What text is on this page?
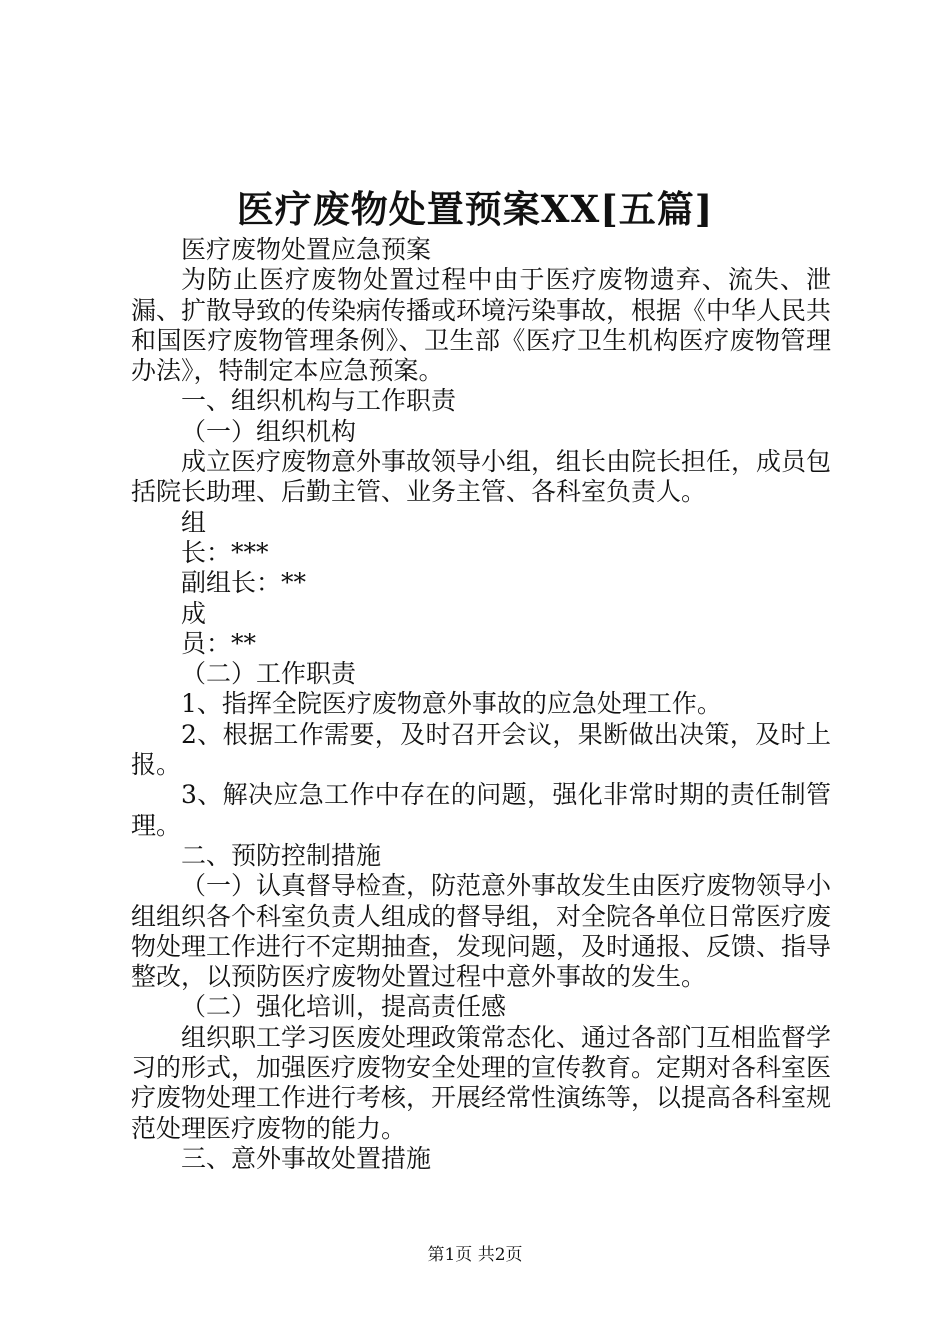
医疗废物处置预案XX[五篇]

医疗废物处置应急预案

为防止医疗废物处置过程中由于医疗废物遗弃、流失、泄漏、扩散导致的传染病传播或环境污染事故，根据《中华人民共和国医疗废物管理条例》、卫生部《医疗卫生机构医疗废物管理办法》，特制定本应急预案。

一、组织机构与工作职责

（一）组织机构

成立医疗废物意外事故领导小组，组长由院长担任，成员包括院长助理、后勤主管、业务主管、各科室负责人。

组

长：***

副组长：**

成

员：**

（二）工作职责

1、指挥全院医疗废物意外事故的应急处理工作。

2、根据工作需要，及时召开会议，果断做出决策，及时上报。

3、解决应急工作中存在的问题，强化非常时期的责任制管理。

二、预防控制措施

（一）认真督导检查，防范意外事故发生由医疗废物领导小组组织各个科室负责人组成的督导组，对全院各单位日常医疗废物处理工作进行不定期抽查，发现问题，及时通报、反馈、指导整改，以预防医疗废物处置过程中意外事故的发生。

（二）强化培训，提高责任感

组织职工学习医废处理政策常态化、通过各部门互相监督学习的形式，加强医疗废物安全处理的宣传教育。定期对各科室医疗废物处理工作进行考核，开展经常性演练等，以提高各科室规范处理医疗废物的能力。

三、意外事故处置措施

第1页 共2页
